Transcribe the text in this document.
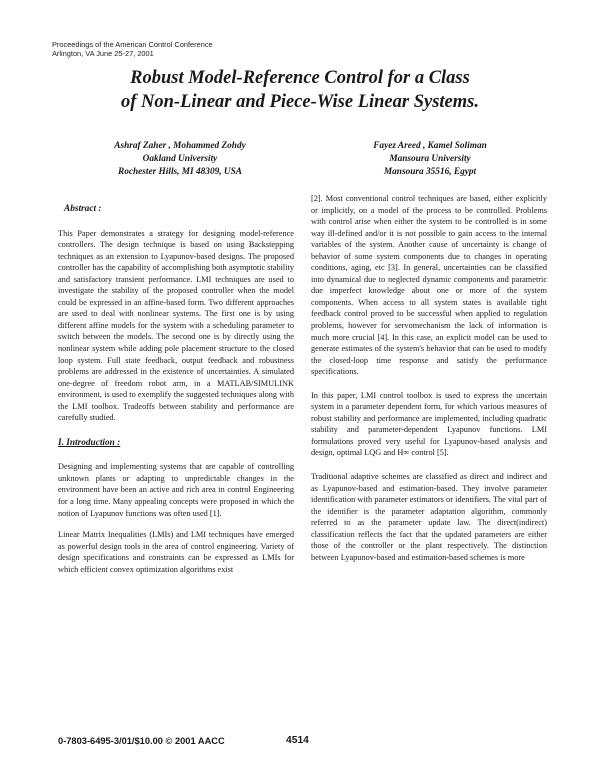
Proceedings of the American Control Conference
Arlington, VA June 25-27, 2001
Robust Model-Reference Control for a Class
of Non-Linear and Piece-Wise Linear Systems.
Ashraf Zaher , Mohammed Zohdy
Oakland University
Rochester Hills, MI 48309, USA
Fayez Areed , Kamel Soliman
Mansoura University
Mansoura 35516, Egypt
Abstract :

This Paper demonstrates a strategy for designing model-reference controllers. The design technique is based on using Backstepping techniques as an extension to Lyapunov-based designs. The proposed controller has the capability of accomplishing both asymptotic stability and satisfactory transient performance. LMI techniques are used to investigate the stability of the proposed controller when the model could be expressed in an affine-based form. Two different approaches are used to deal with nonlinear systems. The first one is by using different affine models for the system with a scheduling parameter to switch between the models. The second one is by directly using the nonlinear system while adding pole placement structure to the closed loop system. Full state feedback, output feedback and robustness problems are addressed in the existence of uncertainties. A simulated one-degree of freedom robot arm, in a MATLAB/SIMULINK environment, is used to exemplify the suggested techniques along with the LMI toolbox. Tradeoffs between stability and performance are carefully studied.

I. Introduction :

Designing and implementing systems that are capable of controlling unknown plants or adapting to unpredictable changes in the environment have been an active and rich area in control Engineering for a long time. Many appealing concepts were proposed in which the notion of Lyapunov functions was often used [1].

Linear Matrix Inequalities (LMIs) and LMI techniques have emerged as powerful design tools in the area of control engineering. Variety of design specifications and constraints can be expressed as LMIs for which efficient convex optimization algorithms exist

[2]. Most conventional control techniques are based, either explicitly or implicitly, on a model of the process to be controlled. Problems with control arise when either the system to be controlled is in some way ill-defined and/or it is not possible to gain access to the internal variables of the system. Another cause of uncertainty is change of behavior of some system components due to changes in operating conditions, aging, etc [3]. In general, uncertainties can be classified into dynamical due to neglected dynamic components and parametric due imperfect knowledge about one or more of the system components. When access to all system states is available tight feedback control proved to be successful when applied to regulation problems, however for servomechanism the lack of information is much more crucial [4]. In this case, an explicit model can be used to generate estimates of the system's behavior that can be used to modify the closed-loop time response and satisfy the performance specifications.

In this paper, LMI control toolbox is used to express the uncertain system in a parameter dependent form, for which various measures of robust stability and performance are implemented, including quadratic stability and parameter-dependent Lyapunov functions. LMI formulations proved very useful for Lyapunov-based analysis and design, optimal LQG and H∞ control [5].

Traditional adaptive schemes are classified as direct and indirect and as Lyapunov-based and estimation-based. They involve parameter identification with parameter estimators or identifiers. The vital part of the identifier is the parameter adaptation algorithm, commonly referred to as the parameter update law. The direct(indirect) classification reflects the fact that the updated parameters are either those of the controller or the plant respectively. The distinction between Lyapunov-based and estimation-based schemes is more

0-7803-6495-3/01/$10.00 © 2001 AACC	4514
